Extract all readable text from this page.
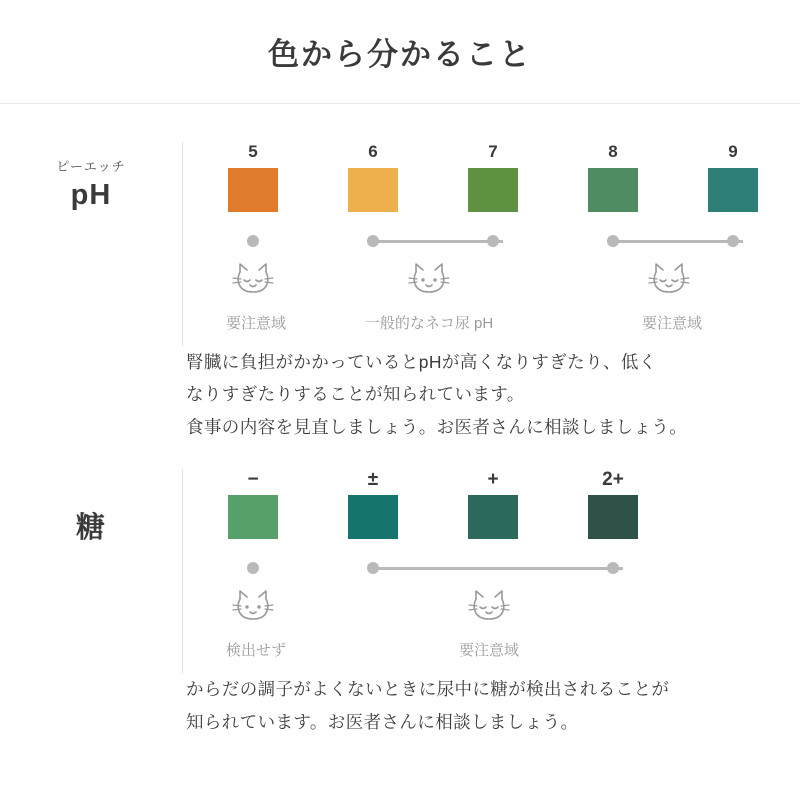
色から分かること
ピーエッチ
pH
5	6	7	8	9
要注意域	一般的なネコ尿 pH	要注意域

腎臓に負担がかかっているとpHが高くなりすぎたり、低く

なりすぎたりすることが知られています。

食事の内容を見直しましょう。お医者さんに相談しましょう。

糖
−	±	+	2+
検出せず	要注意域

からだの調子がよくないときに尿中に糖が検出されることが

知られています。お医者さんに相談しましょう。
